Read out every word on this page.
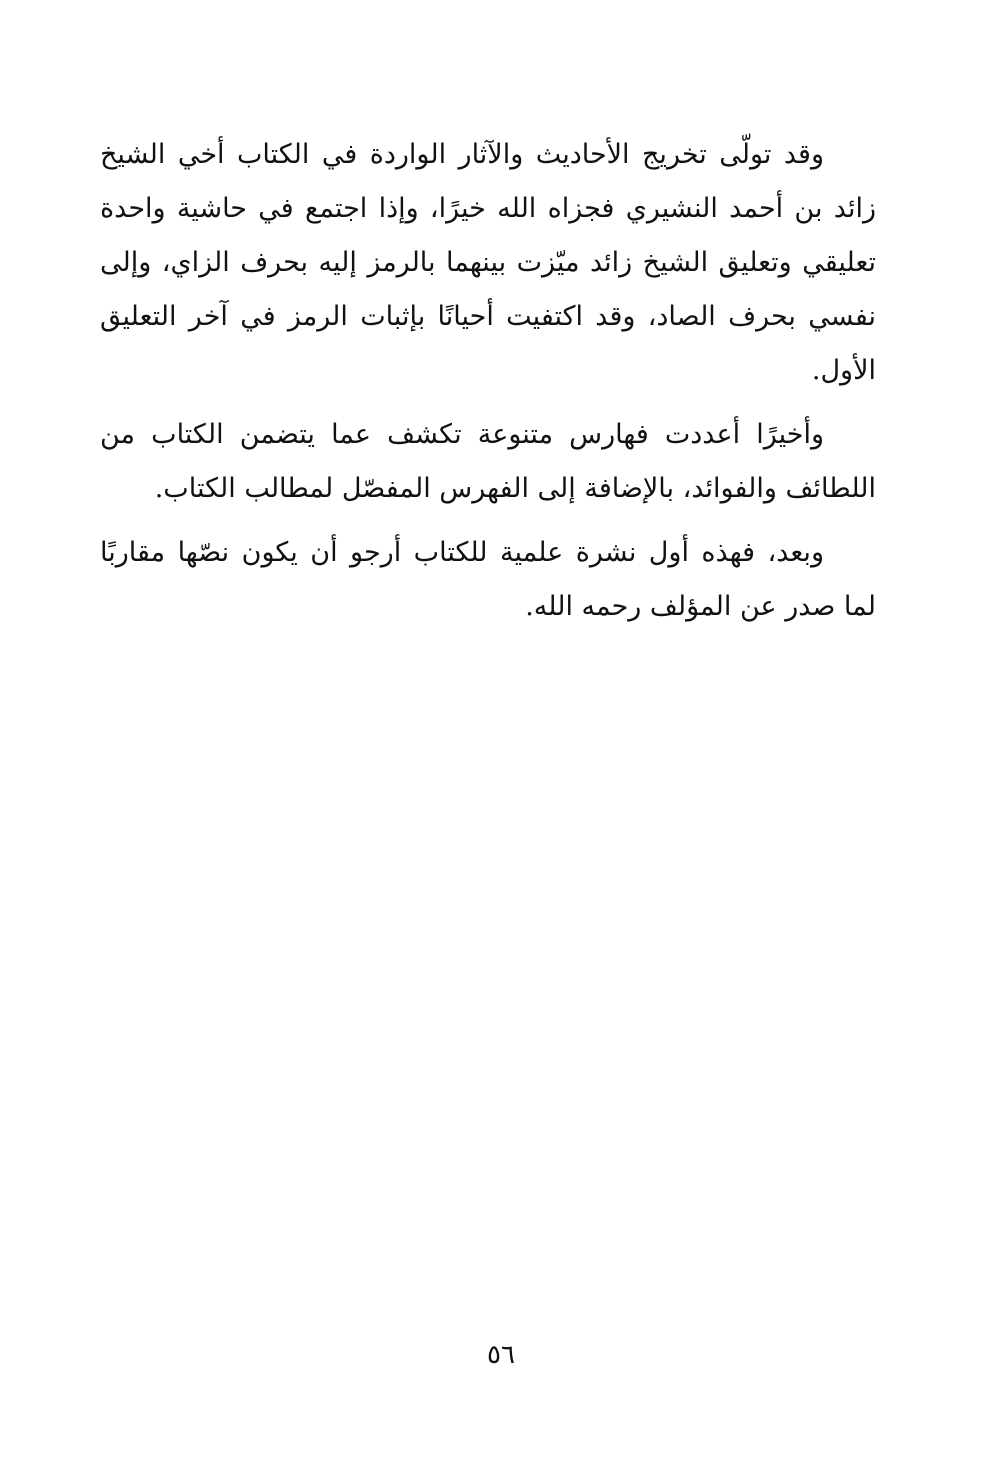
وقد تولّى تخريج الأحاديث والآثار الواردة في الكتاب أخي الشيخ زائد بن أحمد النشيري فجزاه الله خيرًا، وإذا اجتمع في حاشية واحدة تعليقي وتعليق الشيخ زائد ميّزت بينهما بالرمز إليه بحرف الزاي، وإلى نفسي بحرف الصاد، وقد اكتفيت أحيانًا بإثبات الرمز في آخر التعليق الأول.

وأخيرًا أعددت فهارس متنوعة تكشف عما يتضمن الكتاب من اللطائف والفوائد، بالإضافة إلى الفهرس المفصّل لمطالب الكتاب.

وبعد، فهذه أول نشرة علمية للكتاب أرجو أن يكون نصّها مقاربًا لما صدر عن المؤلف رحمه الله.

٥٦
